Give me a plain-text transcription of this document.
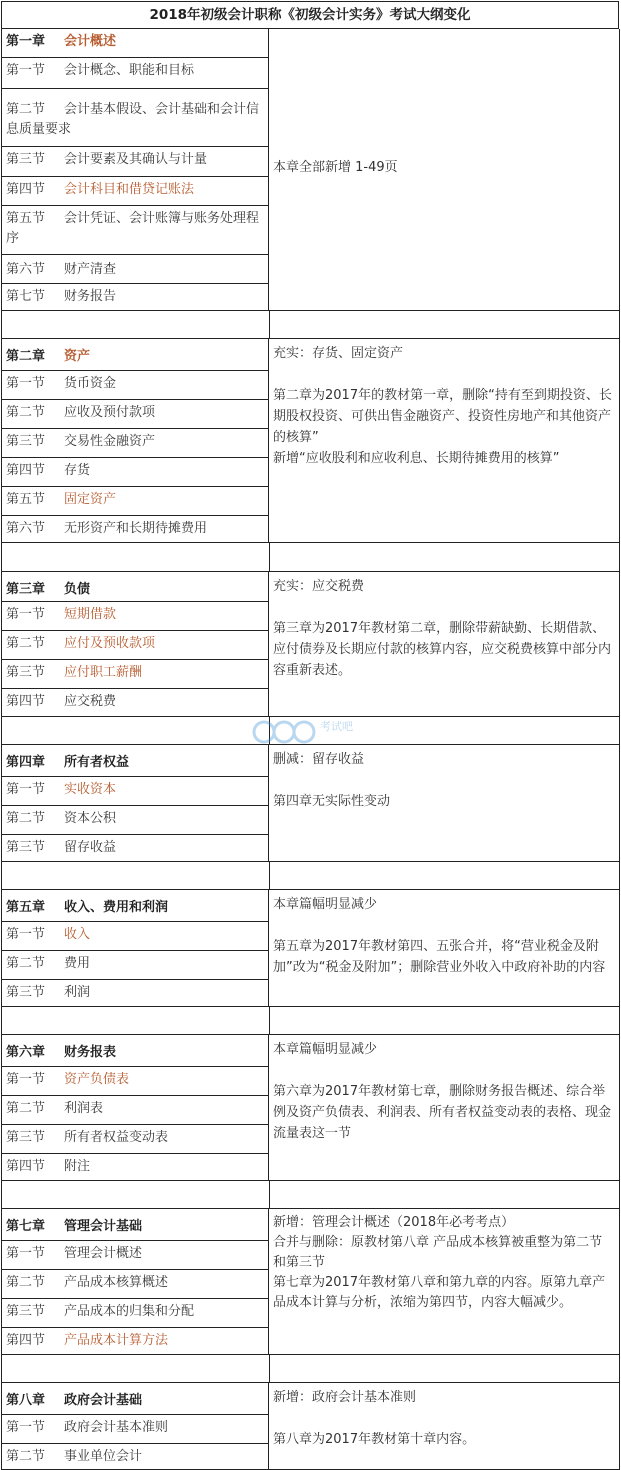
2018年初级会计职称《初级会计实务》考试大纲变化
第一章 会计概述
第一节 会计概念、职能和目标
第二节 会计基本假设、会计基础和会计信息质量要求
第三节 会计要素及其确认与计量
第四节 会计科目和借贷记账法
第五节 会计凭证、会计账簿与账务处理程序
第六节 财产清查
第七节 财务报告

本章全部新增 1-49页

第二章 资产
第一节 货币资金
第二节 应收及预付款项
第三节 交易性金融资产
第四节 存货
第五节 固定资产
第六节 无形资产和长期待摊费用

充实：存货、固定资产

第二章为2017年的教材第一章，删除“持有至到期投资、长期股权投资、可供出售金融资产、投资性房地产和其他资产的核算”

新增“应收股利和应收利息、长期待摊费用的核算”

第三章 负债
第一节 短期借款
第二节 应付及预收款项
第三节 应付职工薪酬
第四节 应交税费

充实：应交税费

第三章为2017年教材第二章，删除带薪缺勤、长期借款、应付债券及长期应付款的核算内容，应交税费核算中部分内容重新表述。

考试吧
第四章 所有者权益
第一节 实收资本
第二节 资本公积
第三节 留存收益

删减：留存收益

第四章无实际性变动

第五章 收入、费用和利润
第一节 收入
第二节 费用
第三节 利润

本章篇幅明显减少

第五章为2017年教材第四、五张合并，将“营业税金及附加”改为“税金及附加”；删除营业外收入中政府补助的内容

第六章 财务报表
第一节 资产负债表
第二节 利润表
第三节 所有者权益变动表
第四节 附注

本章篇幅明显减少

第六章为2017年教材第七章，删除财务报告概述、综合举例及资产负债表、利润表、所有者权益变动表的表格、现金流量表这一节

第七章 管理会计基础
第一节 管理会计概述
第二节 产品成本核算概述
第三节 产品成本的归集和分配
第四节 产品成本计算方法

新增：管理会计概述（2018年必考考点）

合并与删除：原教材第八章 产品成本核算被重整为第二节和第三节

第七章为2017年教材第八章和第九章的内容。原第九章产品成本计算与分析，浓缩为第四节，内容大幅减少。

第八章 政府会计基础
第一节 政府会计基本准则
第二节 事业单位会计

新增：政府会计基本准则

第八章为2017年教材第十章内容。
